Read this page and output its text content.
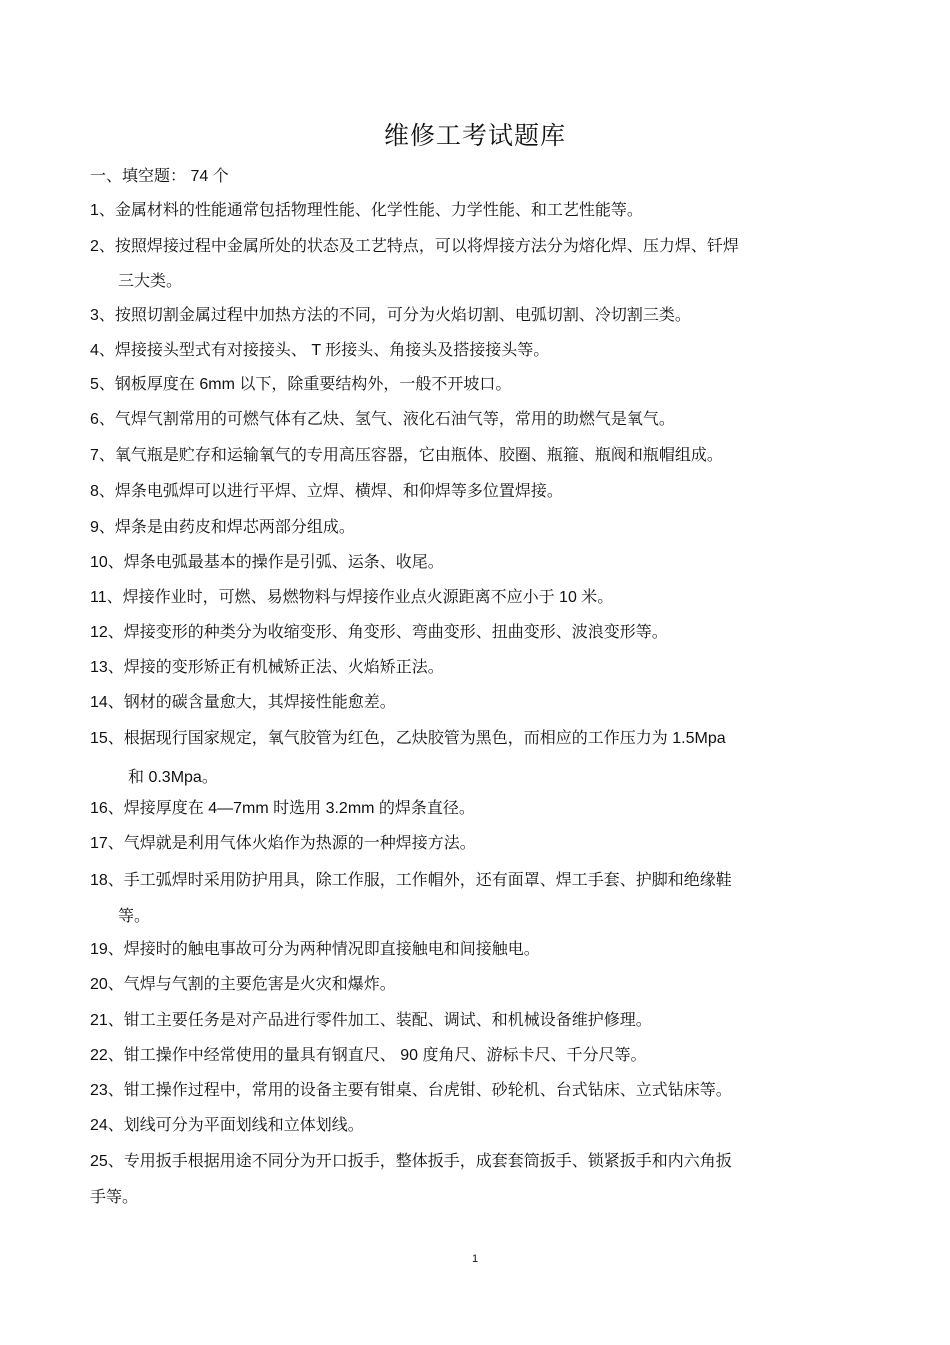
维修工考试题库
一、填空题： 74 个
1、金属材料的性能通常包括物理性能、化学性能、力学性能、和工艺性能等。
2、按照焊接过程中金属所处的状态及工艺特点，可以将焊接方法分为熔化焊、压力焊、钎焊
三大类。
3、按照切割金属过程中加热方法的不同，可分为火焰切割、电弧切割、冷切割三类。
4、焊接接头型式有对接接头、 T 形接头、角接头及搭接接头等。
5、钢板厚度在 6mm 以下，除重要结构外，一般不开坡口。
6、气焊气割常用的可燃气体有乙炔、氢气、液化石油气等，常用的助燃气是氧气。
7、氧气瓶是贮存和运输氧气的专用高压容器，它由瓶体、胶圈、瓶箍、瓶阀和瓶帽组成。
8、焊条电弧焊可以进行平焊、立焊、横焊、和仰焊等多位置焊接。
9、焊条是由药皮和焊芯两部分组成。
10、焊条电弧最基本的操作是引弧、运条、收尾。
11、焊接作业时，可燃、易燃物料与焊接作业点火源距离不应小于 10 米。
12、焊接变形的种类分为收缩变形、角变形、弯曲变形、扭曲变形、波浪变形等。
13、焊接的变形矫正有机械矫正法、火焰矫正法。
14、钢材的碳含量愈大，其焊接性能愈差。
15、根据现行国家规定，氧气胶管为红色，乙炔胶管为黑色，而相应的工作压力为 1.5Mpa
和 0.3Mpa。
16、焊接厚度在 4—7mm 时选用 3.2mm 的焊条直径。
17、气焊就是利用气体火焰作为热源的一种焊接方法。
18、手工弧焊时采用防护用具，除工作服，工作帽外，还有面罩、焊工手套、护脚和绝缘鞋
等。
19、焊接时的触电事故可分为两种情况即直接触电和间接触电。
20、气焊与气割的主要危害是火灾和爆炸。
21、钳工主要任务是对产品进行零件加工、装配、调试、和机械设备维护修理。
22、钳工操作中经常使用的量具有钢直尺、 90 度角尺、游标卡尺、千分尺等。
23、钳工操作过程中，常用的设备主要有钳桌、台虎钳、砂轮机、台式钻床、立式钻床等。
24、划线可分为平面划线和立体划线。
25、专用扳手根据用途不同分为开口扳手，整体扳手，成套套筒扳手、锁紧扳手和内六角扳
手等。
1
